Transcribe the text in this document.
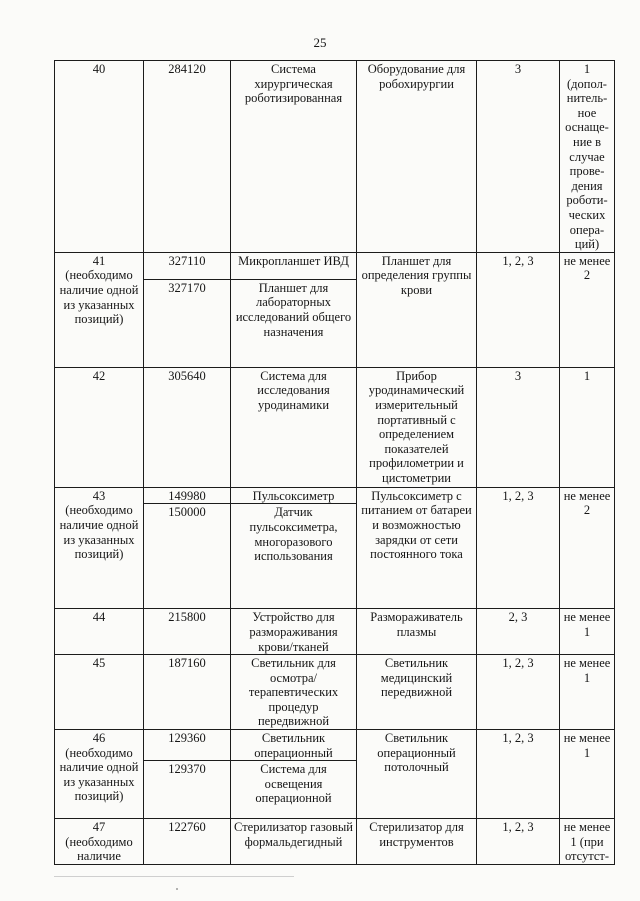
25
40	284120	Система хирургическая роботизированная	Оборудование для робохирургии	3	1 (допол-нитель-ное оснаще-ние в случае прове-дения роботи-ческих опера-ций)
41 (необходимо наличие одной из указанных позиций)	327110	Микропланшет ИВД	Планшет для определения группы крови	1, 2, 3	не менее 2
	327170	Планшет для лабораторных исследований общего назначения			
42	305640	Система для исследования уродинамики	Прибор уродинамический измерительный портативный с определением показателей профилометрии и цистометрии	3	1
43 (необходимо наличие одной из указанных позиций)	149980	Пульсоксиметр	Пульсоксиметр с питанием от батареи и возможностью зарядки от сети постоянного тока	1, 2, 3	не менее 2
	150000	Датчик пульсоксиметра, многоразового использования			
44	215800	Устройство для размораживания крови/тканей	Размораживатель плазмы	2, 3	не менее 1
45	187160	Светильник для осмотра/ терапевтических процедур передвижной	Светильник медицинский передвижной	1, 2, 3	не менее 1
46 (необходимо наличие одной из указанных позиций)	129360	Светильник операционный	Светильник операционный потолочный	1, 2, 3	не менее 1
	129370	Система для освещения операционной			
47 (необходимо наличие	122760	Стерилизатор газовый формальдегидный	Стерилизатор для инструментов	1, 2, 3	не менее 1 (при отсутст-
